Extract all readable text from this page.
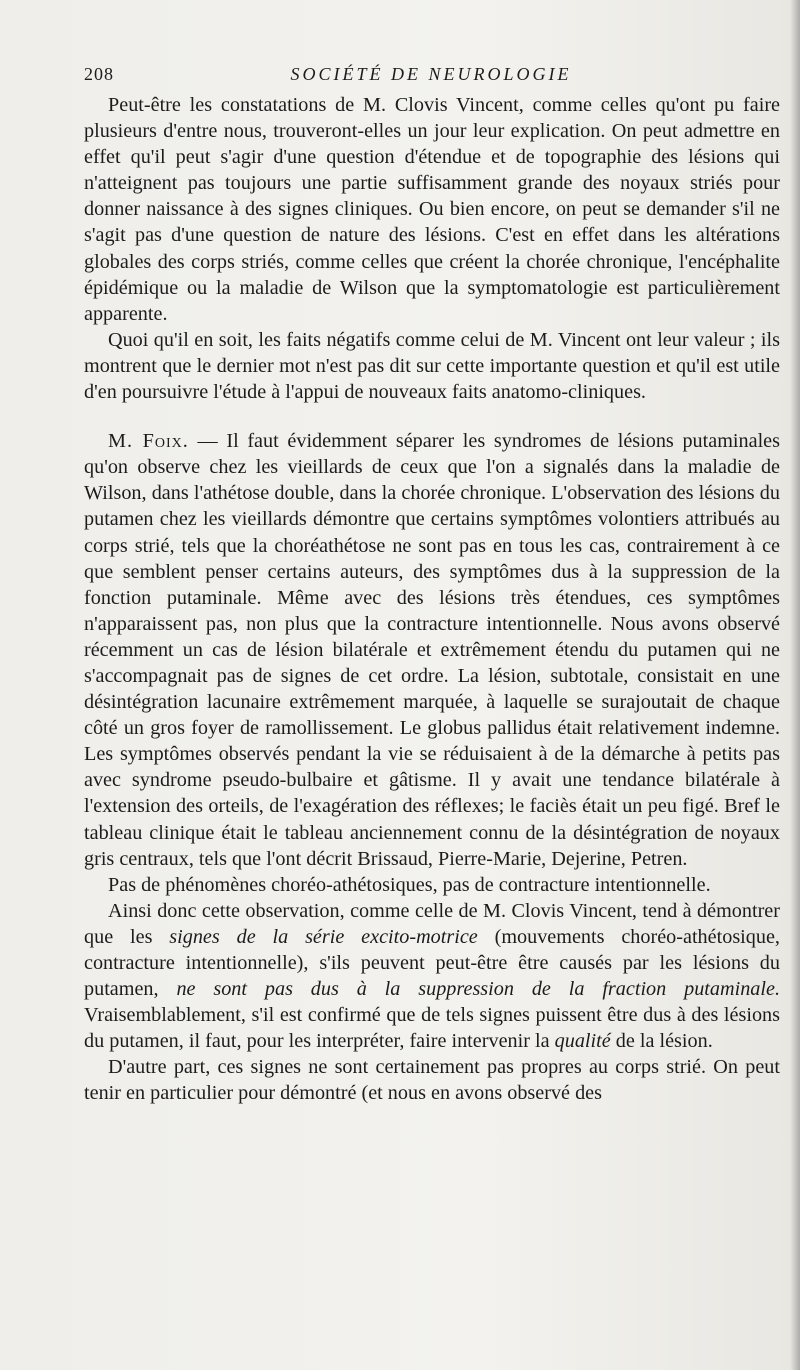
208	SOCIÉTÉ DE NEUROLOGIE

Peut-être les constatations de M. Clovis Vincent, comme celles qu'ont pu faire plusieurs d'entre nous, trouveront-elles un jour leur explication. On peut admettre en effet qu'il peut s'agir d'une question d'étendue et de topographie des lésions qui n'atteignent pas toujours une partie suffisamment grande des noyaux striés pour donner naissance à des signes cliniques. Ou bien encore, on peut se demander s'il ne s'agit pas d'une question de nature des lésions. C'est en effet dans les altérations globales des corps striés, comme celles que créent la chorée chronique, l'encéphalite épidémique ou la maladie de Wilson que la symptomatologie est particulièrement apparente.

Quoi qu'il en soit, les faits négatifs comme celui de M. Vincent ont leur valeur ; ils montrent que le dernier mot n'est pas dit sur cette importante question et qu'il est utile d'en poursuivre l'étude à l'appui de nouveaux faits anatomo-cliniques.

M. Foix. — Il faut évidemment séparer les syndromes de lésions putaminales qu'on observe chez les vieillards de ceux que l'on a signalés dans la maladie de Wilson, dans l'athétose double, dans la chorée chronique. L'observation des lésions du putamen chez les vieillards démontre que certains symptômes volontiers attribués au corps strié, tels que la choréathétose ne sont pas en tous les cas, contrairement à ce que semblent penser certains auteurs, des symptômes dus à la suppression de la fonction putaminale. Même avec des lésions très étendues, ces symptômes n'apparaissent pas, non plus que la contracture intentionnelle. Nous avons observé récemment un cas de lésion bilatérale et extrêmement étendu du putamen qui ne s'accompagnait pas de signes de cet ordre. La lésion, subtotale, consistait en une désintégration lacunaire extrêmement marquée, à laquelle se surajoutait de chaque côté un gros foyer de ramollissement. Le globus pallidus était relativement indemne. Les symptômes observés pendant la vie se réduisaient à de la démarche à petits pas avec syndrome pseudo-bulbaire et gâtisme. Il y avait une tendance bilatérale à l'extension des orteils, de l'exagération des réflexes; le faciès était un peu figé. Bref le tableau clinique était le tableau anciennement connu de la désintégration de noyaux gris centraux, tels que l'ont décrit Brissaud, Pierre-Marie, Dejerine, Petren.

Pas de phénomènes choréo-athétosiques, pas de contracture intentionnelle.

Ainsi donc cette observation, comme celle de M. Clovis Vincent, tend à démontrer que les signes de la série excito-motrice (mouvements choréo-athétosique, contracture intentionnelle), s'ils peuvent peut-être être causés par les lésions du putamen, ne sont pas dus à la suppression de la fraction putaminale. Vraisemblablement, s'il est confirmé que de tels signes puissent être dus à des lésions du putamen, il faut, pour les interpréter, faire intervenir la qualité de la lésion.

D'autre part, ces signes ne sont certainement pas propres au corps strié. On peut tenir en particulier pour démontré (et nous en avons observé des
